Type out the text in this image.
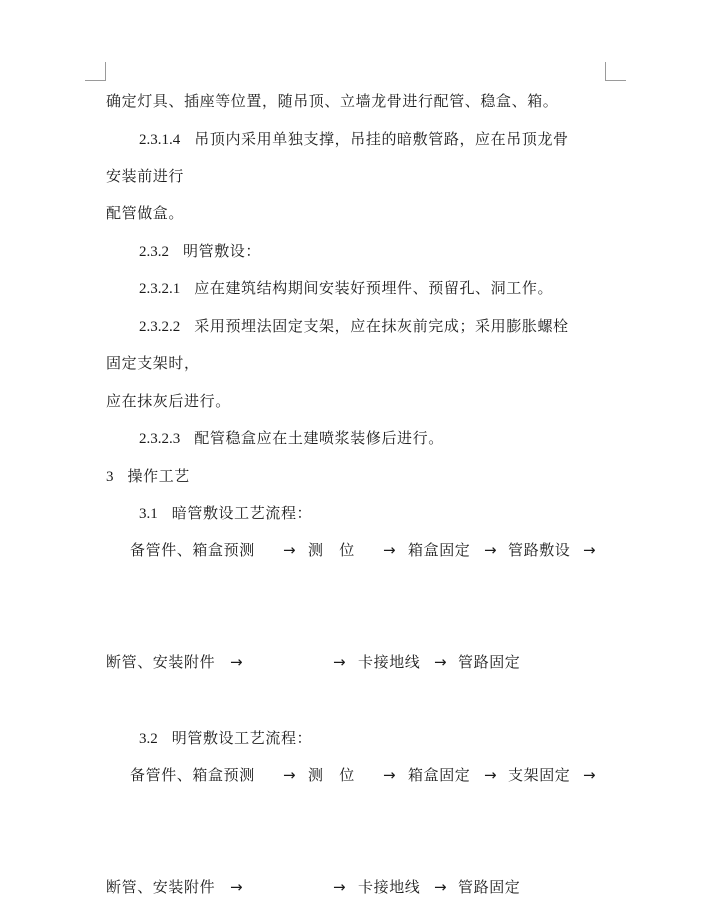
确定灯具、插座等位置，随吊顶、立墙龙骨进行配管、稳盒、箱。
2.3.1.4 吊顶内采用单独支撑，吊挂的暗敷管路，应在吊顶龙骨
安装前进行
配管做盒。
2.3.2 明管敷设：
2.3.2.1 应在建筑结构期间安装好预埋件、预留孔、洞工作。
2.3.2.2 采用预埋法固定支架，应在抹灰前完成；采用膨胀螺栓
固定支架时，
应在抹灰后进行。
2.3.2.3 配管稳盒应在土建喷浆装修后进行。
3 操作工艺
3.1 暗管敷设工艺流程：
备管件、箱盒预测 → 测　位 → 箱盒固定 → 管路敷设 →
断管、安装附件 →	→ 卡接地线 → 管路固定
3.2 明管敷设工艺流程：
备管件、箱盒预测 → 测　位 → 箱盒固定 → 支架固定 →
断管、安装附件 →	→ 卡接地线 → 管路固定
